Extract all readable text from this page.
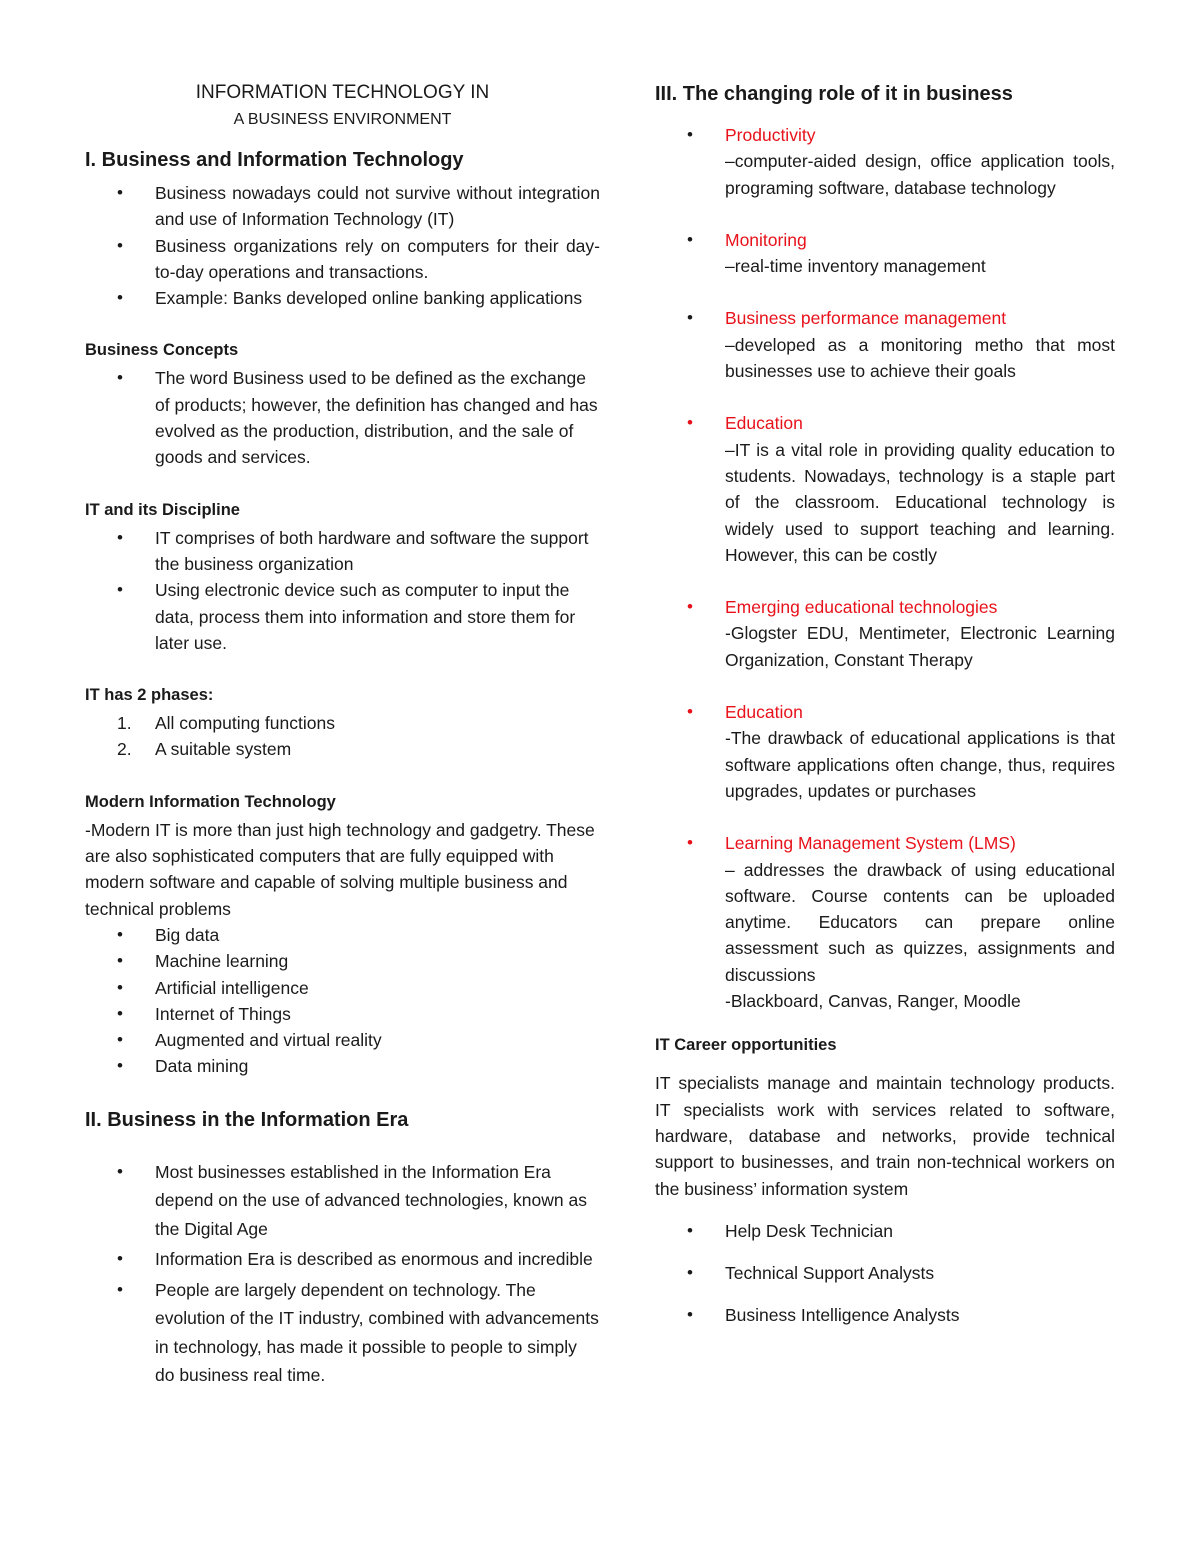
INFORMATION TECHNOLOGY IN

A BUSINESS ENVIRONMENT

I. Business and Information Technology
• Business nowadays could not survive without integration and use of Information Technology (IT)
• Business organizations rely on computers for their day-to-day operations and transactions.
• Example: Banks developed online banking applications
Business Concepts
• The word Business used to be defined as the exchange of products; however, the definition has changed and has evolved as the production, distribution, and the sale of goods and services.
IT and its Discipline
• IT comprises of both hardware and software the support the business organization
• Using electronic device such as computer to input the data, process them into information and store them for later use.
IT has 2 phases:
1. All computing functions
2. A suitable system
Modern Information Technology

-Modern IT is more than just high technology and gadgetry. These are also sophisticated computers that are fully equipped with modern software and capable of solving multiple business and technical problems

• Big data
• Machine learning
• Artificial intelligence
• Internet of Things
• Augmented and virtual reality
• Data mining
II. Business in the Information Era
• Most businesses established in the Information Era depend on the use of advanced technologies, known as the Digital Age
• Information Era is described as enormous and incredible
• People are largely dependent on technology. The evolution of the IT industry, combined with advancements in technology, has made it possible to people to simply do business real time.
III. The changing role of it in business
• Productivity
–computer-aided design, office application tools, programing software, database technology
• Monitoring
–real-time inventory management
• Business performance management
–developed as a monitoring metho that most businesses use to achieve their goals
• Education
–IT is a vital role in providing quality education to students. Nowadays, technology is a staple part of the classroom. Educational technology is widely used to support teaching and learning. However, this can be costly
• Emerging educational technologies
-Glogster EDU, Mentimeter, Electronic Learning Organization, Constant Therapy
• Education
-The drawback of educational applications is that software applications often change, thus, requires upgrades, updates or purchases
• Learning Management System (LMS)
– addresses the drawback of using educational software. Course contents can be uploaded anytime. Educators can prepare online assessment such as quizzes, assignments and discussions
-Blackboard, Canvas, Ranger, Moodle
IT Career opportunities

IT specialists manage and maintain technology products. IT specialists work with services related to software, hardware, database and networks, provide technical support to businesses, and train non-technical workers on the business’ information system

• Help Desk Technician
• Technical Support Analysts
• Business Intelligence Analysts
